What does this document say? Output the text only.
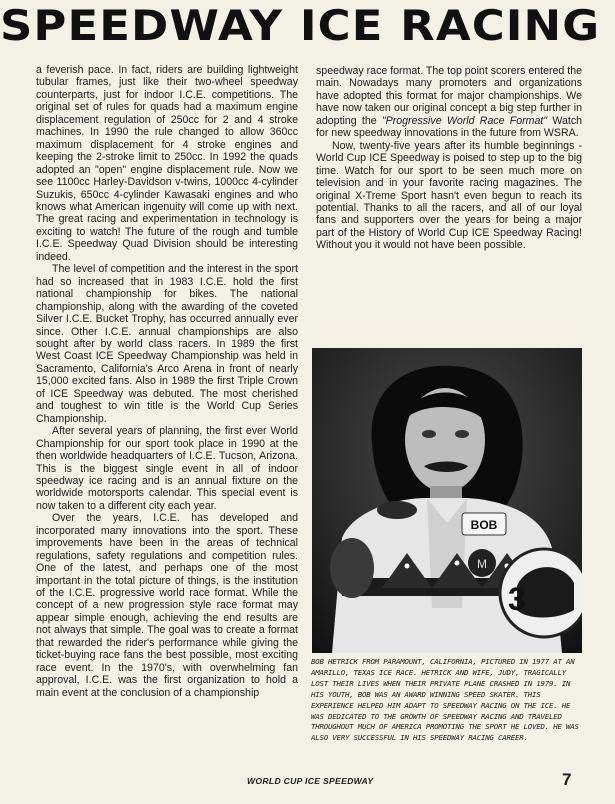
SPEEDWAY ICE RACING

a feverish pace. In fact, riders are building lightweight tubular frames, just like their two-wheel speedway counterparts, just for indoor I.C.E. competitions. The original set of rules for quads had a maximum engine displacement regulation of 250cc for 2 and 4 stroke machines. In 1990 the rule changed to allow 360cc maximum displacement for 4 stroke engines and keeping the 2-stroke limit to 250cc. In 1992 the quads adopted an "open" engine displacement rule. Now we see 1100cc Harley-Davidson v-twins, 1000cc 4-cylinder Suzukis, 650cc 4-cylinder Kawasaki engines and who knows what American ingenuity will come up with next. The great racing and experimentation in technology is exciting to watch! The future of the rough and tumble I.C.E. Speedway Quad Division should be interesting indeed.

The level of competition and the interest in the sport had so increased that in 1983 I.C.E. hold the first national championship for bikes. The national championship, along with the awarding of the coveted Silver I.C.E. Bucket Trophy, has occurred annually ever since. Other I.C.E. annual championships are also sought after by world class racers. In 1989 the first West Coast ICE Speedway Championship was held in Sacramento, California's Arco Arena in front of nearly 15,000 excited fans. Also in 1989 the first Triple Crown of ICE Speedway was debuted. The most cherished and toughest to win title is the World Cup Series Championship.

After several years of planning, the first ever World Championship for our sport took place in 1990 at the then worldwide headquarters of I.C.E. Tucson, Arizona. This is the biggest single event in all of indoor speedway ice racing and is an annual fixture on the worldwide motorsports calendar. This special event is now taken to a different city each year.

Over the years, I.C.E. has developed and incorporated many innovations into the sport. These improvements have been in the areas of technical regulations, safety regulations and competition rules. One of the latest, and perhaps one of the most important in the total picture of things, is the institution of the I.C.E. progressive world race format. While the concept of a new progression style race format may appear simple enough, achieving the end results are not always that simple. The goal was to create a format that rewarded the rider's performance while giving the ticket-buying race fans the best possible, most exciting race event. In the 1970's, with overwhelming fan approval, I.C.E. was the first organization to hold a main event at the conclusion of a championship

speedway race format. The top point scorers entered the main. Nowadays many promoters and organizations have adopted this format for major championships. We have now taken our original concept a big step further in adopting the "Progressive World Race Format" Watch for new speedway innovations in the future from WSRA.

Now, twenty-five years after its humble beginnings - World Cup ICE Speedway is poised to step up to the big time. Watch for our sport to be seen much more on television and in your favorite racing magazines. The original X-Treme Sport hasn't even begun to reach its potential. Thanks to all the racers, and all of our loyal fans and supporters over the years for being a major part of the History of World Cup ICE Speedway Racing! Without you it would not have been possible.

BOB
M
3
BOB HETRICK FROM PARAMOUNT, CALIFORNIA, PICTURED IN 1977 AT AN AMARILLO, TEXAS ICE RACE. HETRICK AND WIFE, JUDY, TRAGICALLY LOST THEIR LIVES WHEN THEIR PRIVATE PLANE CRASHED IN 1979. IN HIS YOUTH, BOB WAS AN AWARD WINNING SPEED SKATER. THIS EXPERIENCE HELPED HIM ADAPT TO SPEEDWAY RACING ON THE ICE. HE WAS DEDICATED TO THE GROWTH OF SPEEDWAY RACING AND TRAVELED THROUGHOUT MUCH OF AMERICA PROMOTING THE SPORT HE LOVED. HE WAS ALSO VERY SUCCESSFUL IN HIS SPEEDWAY RACING CAREER.
WORLD CUP ICE SPEEDWAY	7
